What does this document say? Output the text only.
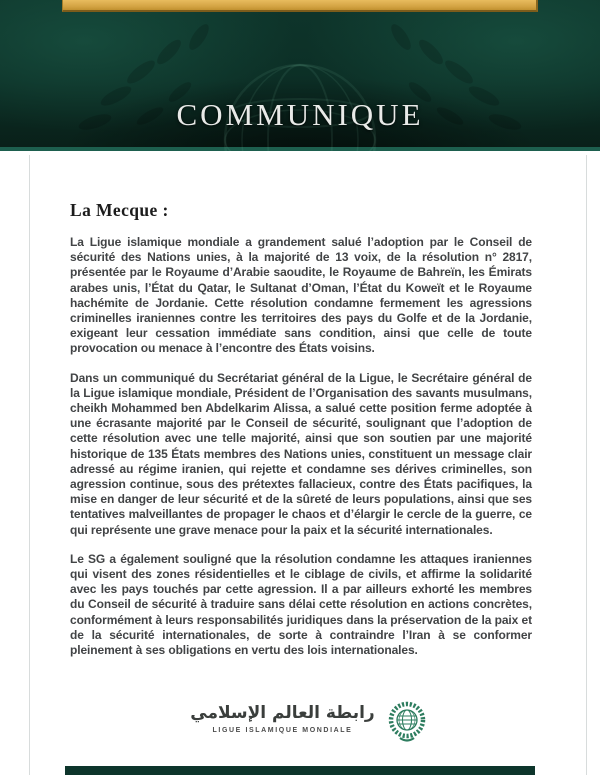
COMMUNIQUE
La Mecque :

La Ligue islamique mondiale a grandement salué l’adoption par le Conseil de sécurité des Nations unies, à la majorité de 13 voix, de la résolution n° 2817, présentée par le Royaume d’Arabie saoudite, le Royaume de Bahreïn, les Émirats arabes unis, l’État du Qatar, le Sultanat d’Oman, l’État du Koweït et le Royaume hachémite de Jordanie. Cette résolution condamne fermement les agressions criminelles iraniennes contre les territoires des pays du Golfe et de la Jordanie, exigeant leur cessation immédiate sans condition, ainsi que celle de toute provocation ou menace à l’encontre des États voisins.

Dans un communiqué du Secrétariat général de la Ligue, le Secrétaire général de la Ligue islamique mondiale, Président de l’Organisation des savants musulmans, cheikh Mohammed ben Abdelkarim Alissa, a salué cette position ferme adoptée à une écrasante majorité par le Conseil de sécurité, soulignant que l’adoption de cette résolution avec une telle majorité, ainsi que son soutien par une majorité historique de 135 États membres des Nations unies, constituent un message clair adressé au régime iranien, qui rejette et condamne ses dérives criminelles, son agression continue, sous des prétextes fallacieux, contre des États pacifiques, la mise en danger de leur sécurité et de la sûreté de leurs populations, ainsi que ses tentatives malveillantes de propager le chaos et d’élargir le cercle de la guerre, ce qui représente une grave menace pour la paix et la sécurité internationales.

Le SG a également souligné que la résolution condamne les attaques iraniennes qui visent des zones résidentielles et le ciblage de civils, et affirme la solidarité avec les pays touchés par cette agression. Il a par ailleurs exhorté les membres du Conseil de sécurité à traduire sans délai cette résolution en actions concrètes, conformément à leurs responsabilités juridiques dans la préservation de la paix et de la sécurité internationales, de sorte à contraindre l’Iran à se conformer pleinement à ses obligations en vertu des lois internationales.

رابطة العالم الإسلامي
LIGUE ISLAMIQUE MONDIALE
